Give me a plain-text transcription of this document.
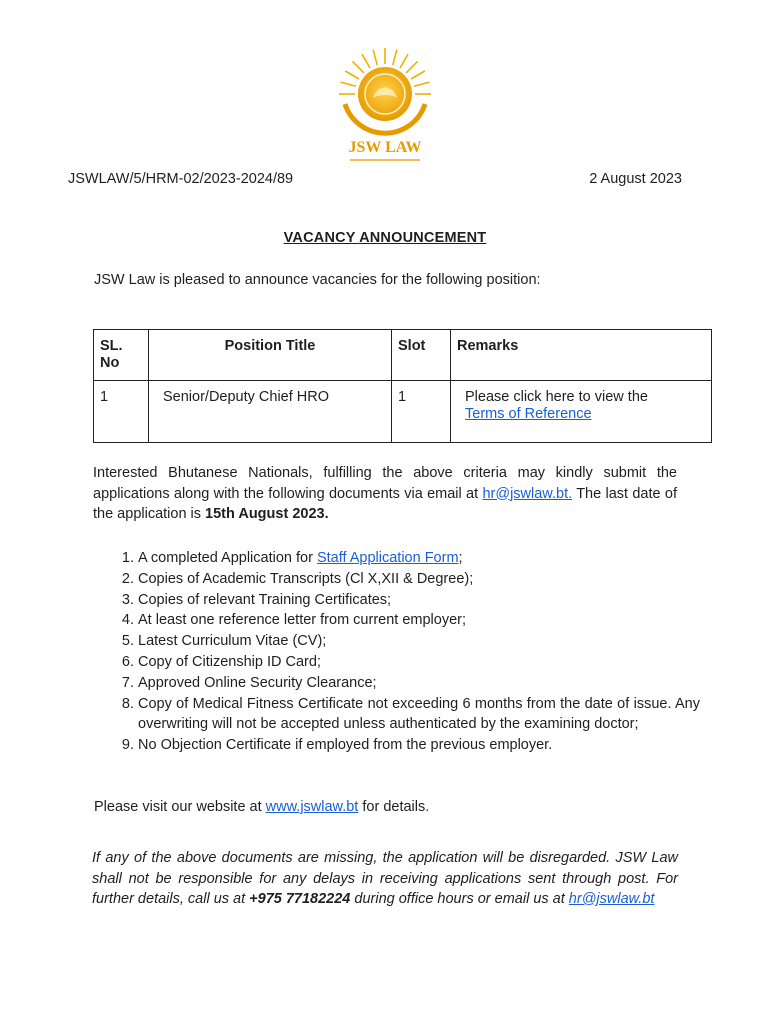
JSW LAW
JSWLAW/5/HRM-02/2023-2024/89	2 August 2023
VACANCY ANNOUNCEMENT
JSW Law is pleased to announce vacancies for the following position:
SL. No	Position Title	Slot	Remarks
1	Senior/Deputy Chief HRO	1	Please click here to view the
Terms of Reference
Interested Bhutanese Nationals, fulfilling the above criteria may kindly submit the applications along with the following documents via email at hr@jswlaw.bt. The last date of the application is 15th August 2023.
1. A completed Application for Staff Application Form;
2. Copies of Academic Transcripts (Cl X,XII & Degree);
3. Copies of relevant Training Certificates;
4. At least one reference letter from current employer;
5. Latest Curriculum Vitae (CV);
6. Copy of Citizenship ID Card;
7. Approved Online Security Clearance;
8. Copy of Medical Fitness Certificate not exceeding 6 months from the date of issue. Any overwriting will not be accepted unless authenticated by the examining doctor;
9. No Objection Certificate if employed from the previous employer.
Please visit our website at www.jswlaw.bt for details.
If any of the above documents are missing, the application will be disregarded. JSW Law shall not be responsible for any delays in receiving applications sent through post. For further details, call us at +975 77182224 during office hours or email us at hr@jswlaw.bt
